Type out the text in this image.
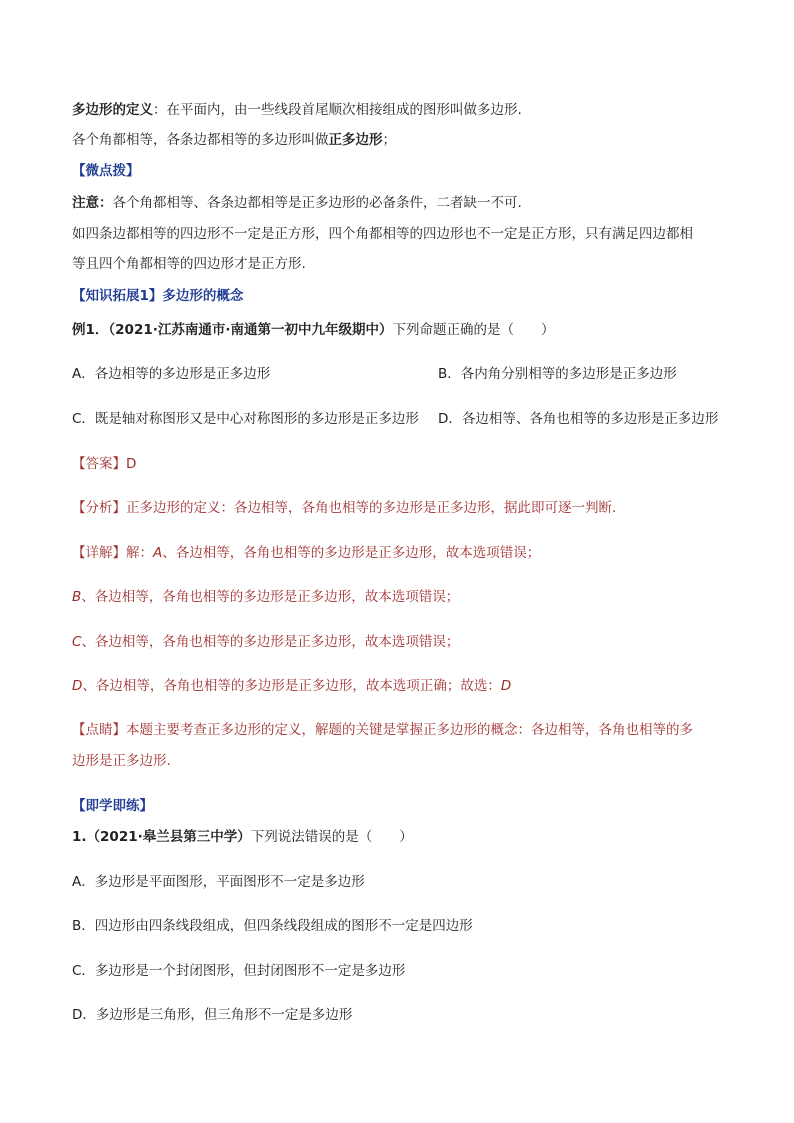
多边形的定义：在平面内，由一些线段首尾顺次相接组成的图形叫做多边形.
各个角都相等，各条边都相等的多边形叫做正多边形；
【微点拨】
注意：各个角都相等、各条边都相等是正多边形的必备条件，二者缺一不可.
如四条边都相等的四边形不一定是正方形，四个角都相等的四边形也不一定是正方形，只有满足四边都相
等且四个角都相等的四边形才是正方形.
【知识拓展1】多边形的概念
例1．（2021·江苏南通市·南通第一初中九年级期中）下列命题正确的是（　　）
A．各边相等的多边形是正多边形	B．各内角分别相等的多边形是正多边形
C．既是轴对称图形又是中心对称图形的多边形是正多边形 D．各边相等、各角也相等的多边形是正多边形
【答案】D
【分析】正多边形的定义：各边相等，各角也相等的多边形是正多边形，据此即可逐一判断.
【详解】解：A、各边相等，各角也相等的多边形是正多边形，故本选项错误；
B、各边相等，各角也相等的多边形是正多边形，故本选项错误；
C、各边相等，各角也相等的多边形是正多边形，故本选项错误；
D、各边相等，各角也相等的多边形是正多边形，故本选项正确；故选：D
【点睛】本题主要考查正多边形的定义，解题的关键是掌握正多边形的概念：各边相等，各角也相等的多
边形是正多边形.
【即学即练】
1.（2021·皋兰县第三中学）下列说法错误的是（　　）
A．多边形是平面图形，平面图形不一定是多边形
B．四边形由四条线段组成，但四条线段组成的图形不一定是四边形
C．多边形是一个封闭图形，但封闭图形不一定是多边形
D．多边形是三角形，但三角形不一定是多边形
